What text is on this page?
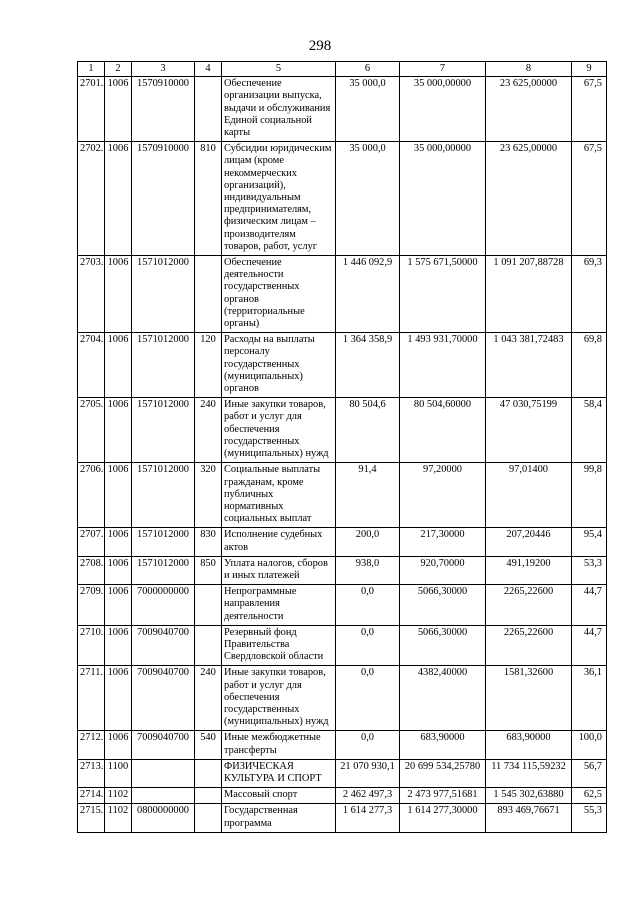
298
1	2	3	4	5	6	7	8	9
2701.	1006	1570910000		Обеспечение организации выпуска, выдачи и обслуживания Единой социальной карты	35 000,0	35 000,00000	23 625,00000	67,5
2702.	1006	1570910000	810	Субсидии юридическим лицам (кроме некоммерческих организаций), индивидуальным предпринимателям, физическим лицам – производителям товаров, работ, услуг	35 000,0	35 000,00000	23 625,00000	67,5
2703.	1006	1571012000		Обеспечение деятельности государственных органов (территориальные органы)	1 446 092,9	1 575 671,50000	1 091 207,88728	69,3
2704.	1006	1571012000	120	Расходы на выплаты персоналу государственных (муниципальных) органов	1 364 358,9	1 493 931,70000	1 043 381,72483	69,8
2705.	1006	1571012000	240	Иные закупки товаров, работ и услуг для обеспечения государственных (муниципальных) нужд	80 504,6	80 504,60000	47 030,75199	58,4
2706.	1006	1571012000	320	Социальные выплаты гражданам, кроме публичных нормативных социальных выплат	91,4	97,20000	97,01400	99,8
2707.	1006	1571012000	830	Исполнение судебных актов	200,0	217,30000	207,20446	95,4
2708.	1006	1571012000	850	Уплата налогов, сборов и иных платежей	938,0	920,70000	491,19200	53,3
2709.	1006	7000000000		Непрограммные направления деятельности	0,0	5066,30000	2265,22600	44,7
2710.	1006	7009040700		Резервный фонд Правительства Свердловской области	0,0	5066,30000	2265,22600	44,7
2711.	1006	7009040700	240	Иные закупки товаров, работ и услуг для обеспечения государственных (муниципальных) нужд	0,0	4382,40000	1581,32600	36,1
2712.	1006	7009040700	540	Иные межбюджетные трансферты	0,0	683,90000	683,90000	100,0
2713.	1100			ФИЗИЧЕСКАЯ КУЛЬТУРА И СПОРТ	21 070 930,1	20 699 534,25780	11 734 115,59232	56,7
2714.	1102			Массовый спорт	2 462 497,3	2 473 977,51681	1 545 302,63880	62,5
2715.	1102	0800000000		Государственная программа	1 614 277,3	1 614 277,30000	893 469,76671	55,3
